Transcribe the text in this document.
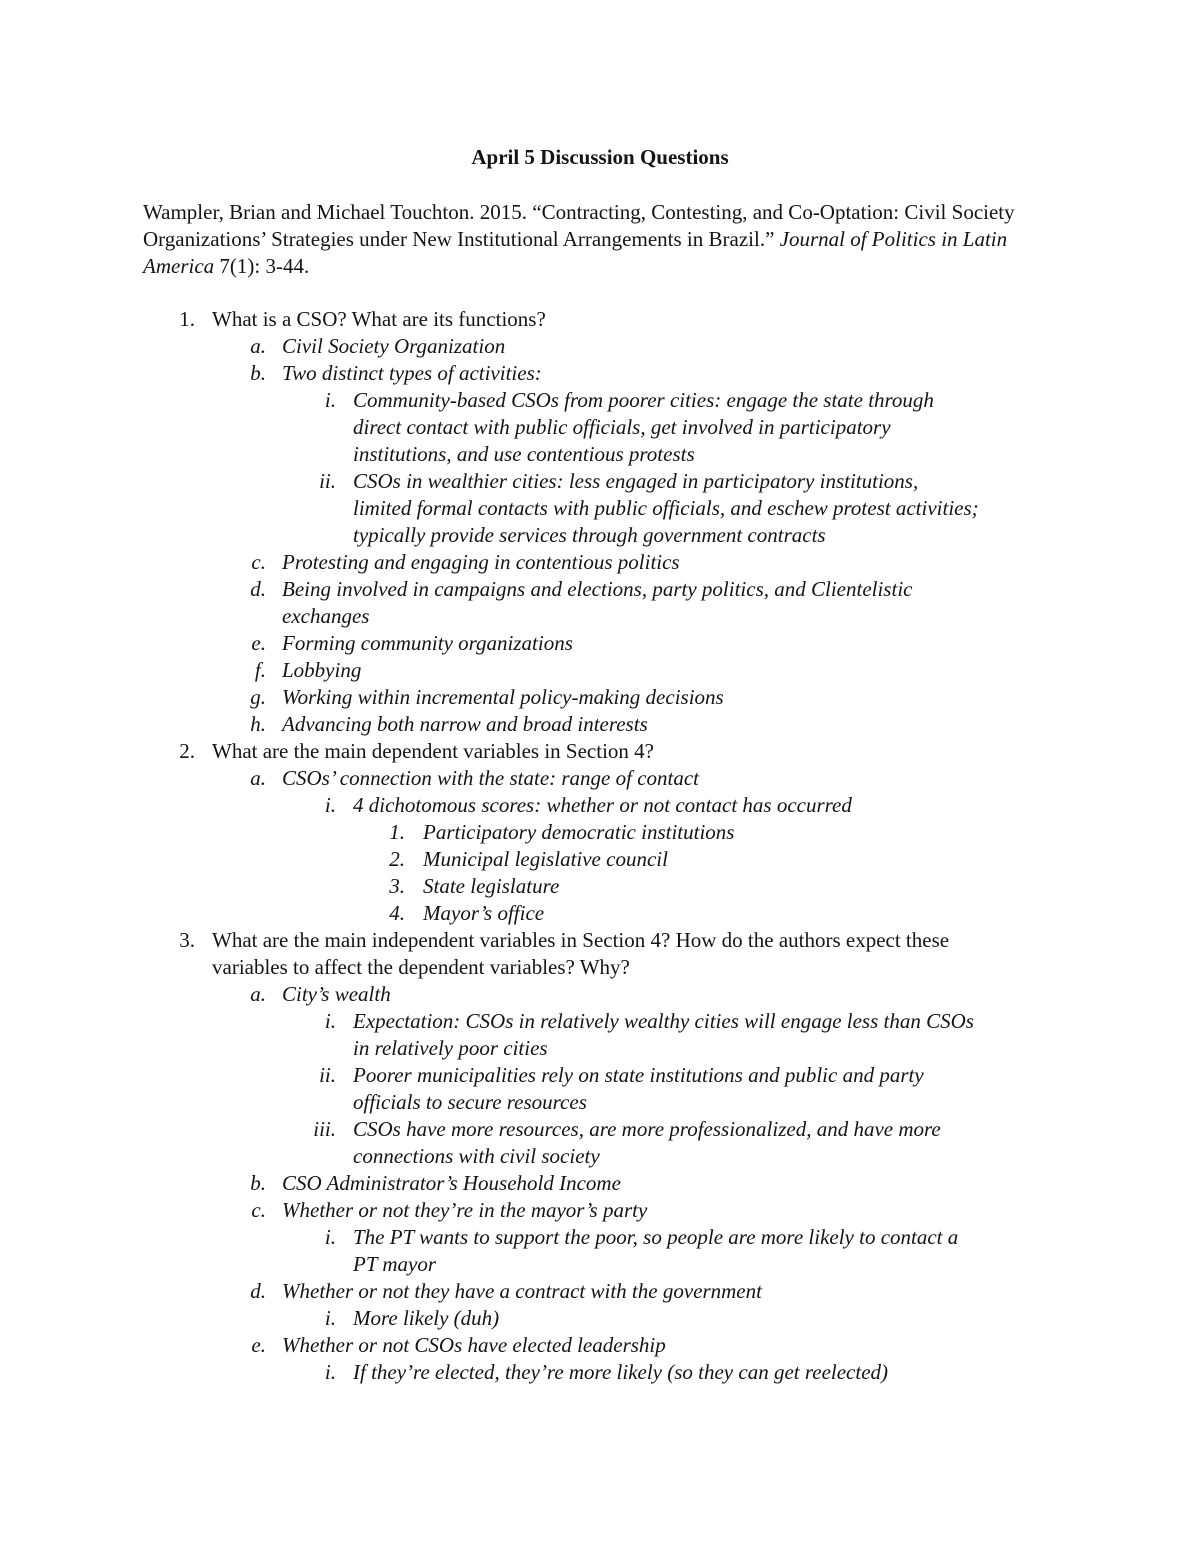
April 5 Discussion Questions
Wampler, Brian and Michael Touchton. 2015. “Contracting, Contesting, and Co-Optation: Civil Society Organizations’ Strategies under New Institutional Arrangements in Brazil.” Journal of Politics in Latin America 7(1): 3-44.
1. What is a CSO? What are its functions?
a. Civil Society Organization
b. Two distinct types of activities:
i. Community-based CSOs from poorer cities: engage the state through
direct contact with public officials, get involved in participatory
institutions, and use contentious protests
ii. CSOs in wealthier cities: less engaged in participatory institutions,
limited formal contacts with public officials, and eschew protest activities;
typically provide services through government contracts
c. Protesting and engaging in contentious politics
d. Being involved in campaigns and elections, party politics, and Clientelistic
exchanges
e. Forming community organizations
f. Lobbying
g. Working within incremental policy-making decisions
h. Advancing both narrow and broad interests
2. What are the main dependent variables in Section 4?
a. CSOs’ connection with the state: range of contact
i. 4 dichotomous scores: whether or not contact has occurred
1. Participatory democratic institutions
2. Municipal legislative council
3. State legislature
4. Mayor’s office
3. What are the main independent variables in Section 4? How do the authors expect these
variables to affect the dependent variables? Why?
a. City’s wealth
i. Expectation: CSOs in relatively wealthy cities will engage less than CSOs
in relatively poor cities
ii. Poorer municipalities rely on state institutions and public and party
officials to secure resources
iii. CSOs have more resources, are more professionalized, and have more
connections with civil society
b. CSO Administrator’s Household Income
c. Whether or not they’re in the mayor’s party
i. The PT wants to support the poor, so people are more likely to contact a
PT mayor
d. Whether or not they have a contract with the government
i. More likely (duh)
e. Whether or not CSOs have elected leadership
i. If they’re elected, they’re more likely (so they can get reelected)
